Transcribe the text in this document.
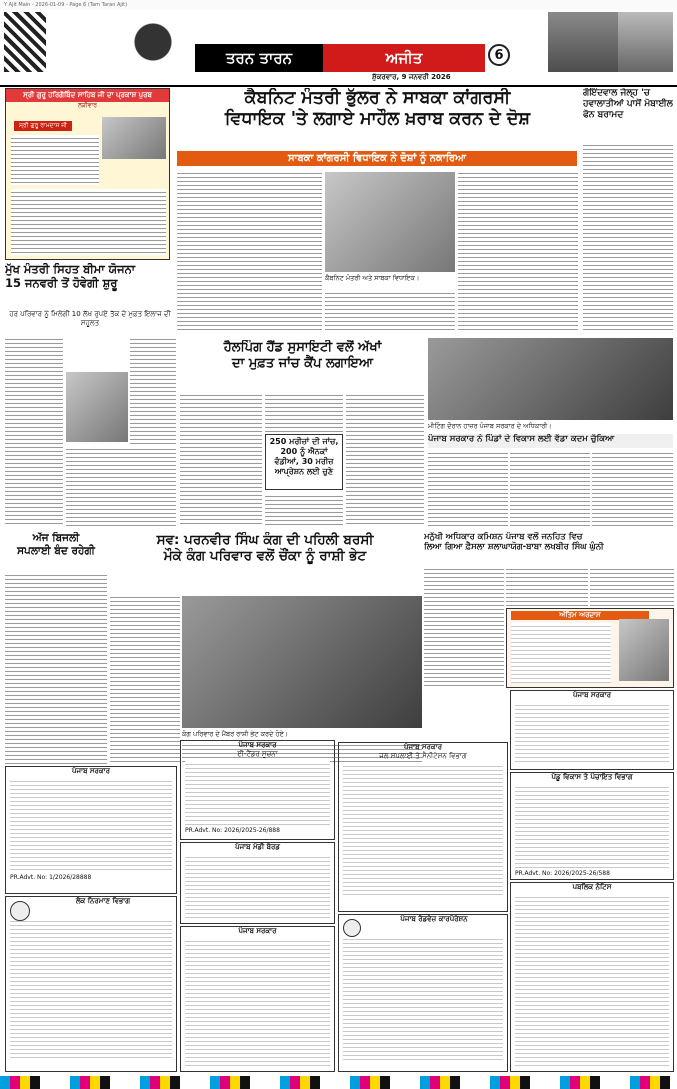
Y Ajit Main - 2026-01-09 - Page 6 (Tarn Taran Ajit)
ਤਰਨ ਤਾਰਨ	ਅਜੀਤ
ਸ਼ੁੱਕਰਵਾਰ, 9 ਜਨਵਰੀ 2026
6
ਸ੍ਰੀ ਗੁਰੂ ਹਰਿਗੋਬਿੰਦ ਸਾਹਿਬ ਜੀ ਦਾ ਪ੍ਰਕਾਸ਼ ਪੁਰਬ
ਲੜੀਵਾਰ
ਸ੍ਰੀ ਗੁਰੂ ਰਾਮਦਾਸ ਜੀ
ਕੈਬਨਿਟ ਮੰਤਰੀ ਭੁੱਲਰ ਨੇ ਸਾਬਕਾ ਕਾਂਗਰਸੀ
ਵਿਧਾਇਕ 'ਤੇ ਲਗਾਏ ਮਾਹੌਲ ਖ਼ਰਾਬ ਕਰਨ ਦੇ ਦੋਸ਼
ਸਾਬਕਾ ਕਾਂਗਰਸੀ ਵਿਧਾਇਕ ਨੇ ਦੋਸ਼ਾਂ ਨੂੰ ਨਕਾਰਿਆ
ਕੈਬਨਿਟ ਮੰਤਰੀ ਅਤੇ ਸਾਬਕਾ ਵਿਧਾਇਕ।
ਗੋਇੰਦਵਾਲ ਜੇਲ੍ਹ 'ਚ ਹਵਾਲਾਤੀਆਂ ਪਾਸੋਂ ਮੋਬਾਈਲ ਫੋਨ ਬਰਾਮਦ
ਮੁੱਖ ਮੰਤਰੀ ਸਿਹਤ ਬੀਮਾ ਯੋਜਨਾ
15 ਜਨਵਰੀ ਤੋਂ ਹੋਵੇਗੀ ਸ਼ੁਰੂ
ਹਰ ਪਰਿਵਾਰ ਨੂੰ ਮਿਲੇਗੀ 10 ਲੱਖ ਰੁਪਏ ਤੱਕ ਦੇ ਮੁਫ਼ਤ ਇਲਾਜ ਦੀ ਸਹੂਲਤ
ਹੈਲਪਿੰਗ ਹੈਂਡ ਸੁਸਾਇਟੀ ਵਲੋਂ ਅੱਖਾਂ
ਦਾ ਮੁਫ਼ਤ ਜਾਂਚ ਕੈਂਪ ਲਗਾਇਆ
250 ਮਰੀਜ਼ਾਂ ਦੀ ਜਾਂਚ, 200 ਨੂੰ ਐਨਕਾਂ ਵੰਡੀਆਂ, 30 ਮਰੀਜ਼ ਆਪ੍ਰੇਸ਼ਨ ਲਈ ਚੁਣੇ
ਮੀਟਿੰਗ ਦੌਰਾਨ ਹਾਜ਼ਰ ਪੰਜਾਬ ਸਰਕਾਰ ਦੇ ਅਧਿਕਾਰੀ।
ਪੰਜਾਬ ਸਰਕਾਰ ਨੇ ਪਿੰਡਾਂ ਦੇ ਵਿਕਾਸ ਲਈ ਵੱਡਾ ਕਦਮ ਚੁੱਕਿਆ
ਅੱਜ ਬਿਜਲੀ
ਸਪਲਾਈ ਬੰਦ ਰਹੇਗੀ
ਸਵ: ਪਰਨਵੀਰ ਸਿੰਘ ਕੰਗ ਦੀ ਪਹਿਲੀ ਬਰਸੀ
ਮੌਕੇ ਕੰਗ ਪਰਿਵਾਰ ਵਲੋਂ ਚੌਂਕਾ ਨੂੰ ਰਾਸ਼ੀ ਭੇਟ
ਕੰਗ ਪਰਿਵਾਰ ਦੇ ਮੈਂਬਰ ਰਾਸ਼ੀ ਭੇਟ ਕਰਦੇ ਹੋਏ।
ਮਨੁੱਖੀ ਅਧਿਕਾਰ ਕਮਿਸ਼ਨ ਪੰਜਾਬ ਵਲੋਂ ਜਨਹਿਤ ਵਿਚ
ਲਿਆ ਗਿਆ ਫ਼ੈਸਲਾ ਸ਼ਲਾਘਾਯੋਗ-ਬਾਬਾ ਲਖਬੀਰ ਸਿੰਘ ਘੁੰਨੀ
ਅੰਤਿਮ ਅਰਦਾਸ
ਪੰਜਾਬ ਸਰਕਾਰ
PR.Advt. No: 1/2026/28888
ਪੰਜਾਬ ਸਰਕਾਰ
ਈ-ਟੈਂਡਰ ਸੂਚਨਾ
PR.Advt. No: 2026/2025-26/888
ਪੰਜਾਬ ਮੰਡੀ ਬੋਰਡ
ਪੰਜਾਬ ਸਰਕਾਰ
ਜਲ ਸਪਲਾਈ ਤੇ ਸੈਨੀਟੇਸ਼ਨ ਵਿਭਾਗ
ਪੰਜਾਬ ਸਰਕਾਰ
ਪੇਂਡੂ ਵਿਕਾਸ ਤੇ ਪੰਚਾਇਤ ਵਿਭਾਗ
PR.Advt. No: 2026/2025-26/588
ਪਬਲਿਕ ਨੋਟਿਸ
ਲੋਕ ਨਿਰਮਾਣ ਵਿਭਾਗ
ਪੰਜਾਬ ਸਰਕਾਰ
ਪੰਜਾਬ ਰੋਡਵੇਜ਼ ਕਾਰਪੋਰੇਸ਼ਨ
